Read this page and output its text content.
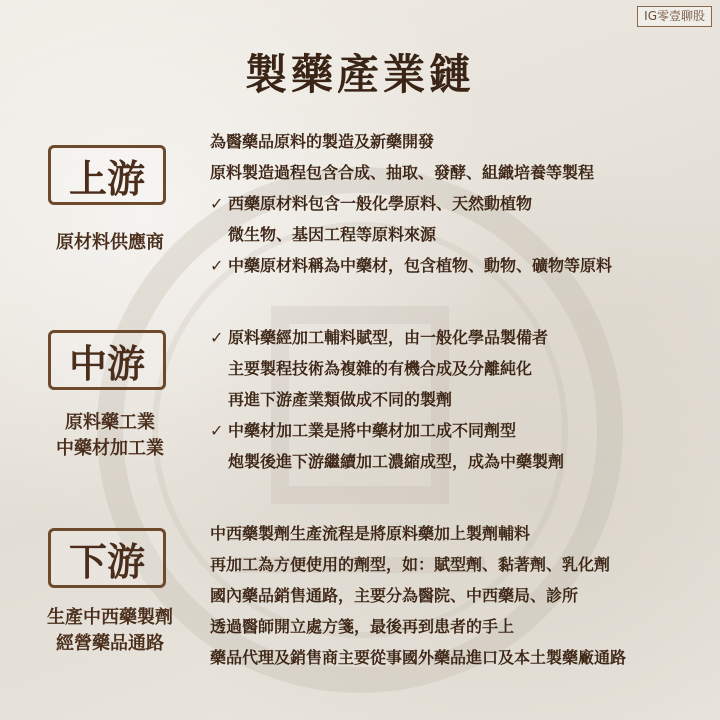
IG零壹聊股
製藥產業鏈
上游
原材料供應商
為醫藥品原料的製造及新藥開發
原料製造過程包含合成、抽取、發酵、組織培養等製程
✓ 西藥原材料包含一般化學原料、天然動植物
微生物、基因工程等原料來源
✓ 中藥原材料稱為中藥材，包含植物、動物、礦物等原料
中游
原料藥工業
中藥材加工業
✓ 原料藥經加工輔料賦型，由一般化學品製備者
主要製程技術為複雜的有機合成及分離純化
再進下游產業類做成不同的製劑
✓ 中藥材加工業是將中藥材加工成不同劑型
炮製後進下游繼續加工濃縮成型，成為中藥製劑
下游
生產中西藥製劑
經營藥品通路
中西藥製劑生產流程是將原料藥加上製劑輔料
再加工為方便使用的劑型，如：賦型劑、黏著劑、乳化劑
國內藥品銷售通路，主要分為醫院、中西藥局、診所
透過醫師開立處方箋，最後再到患者的手上
藥品代理及銷售商主要從事國外藥品進口及本土製藥廠通路
